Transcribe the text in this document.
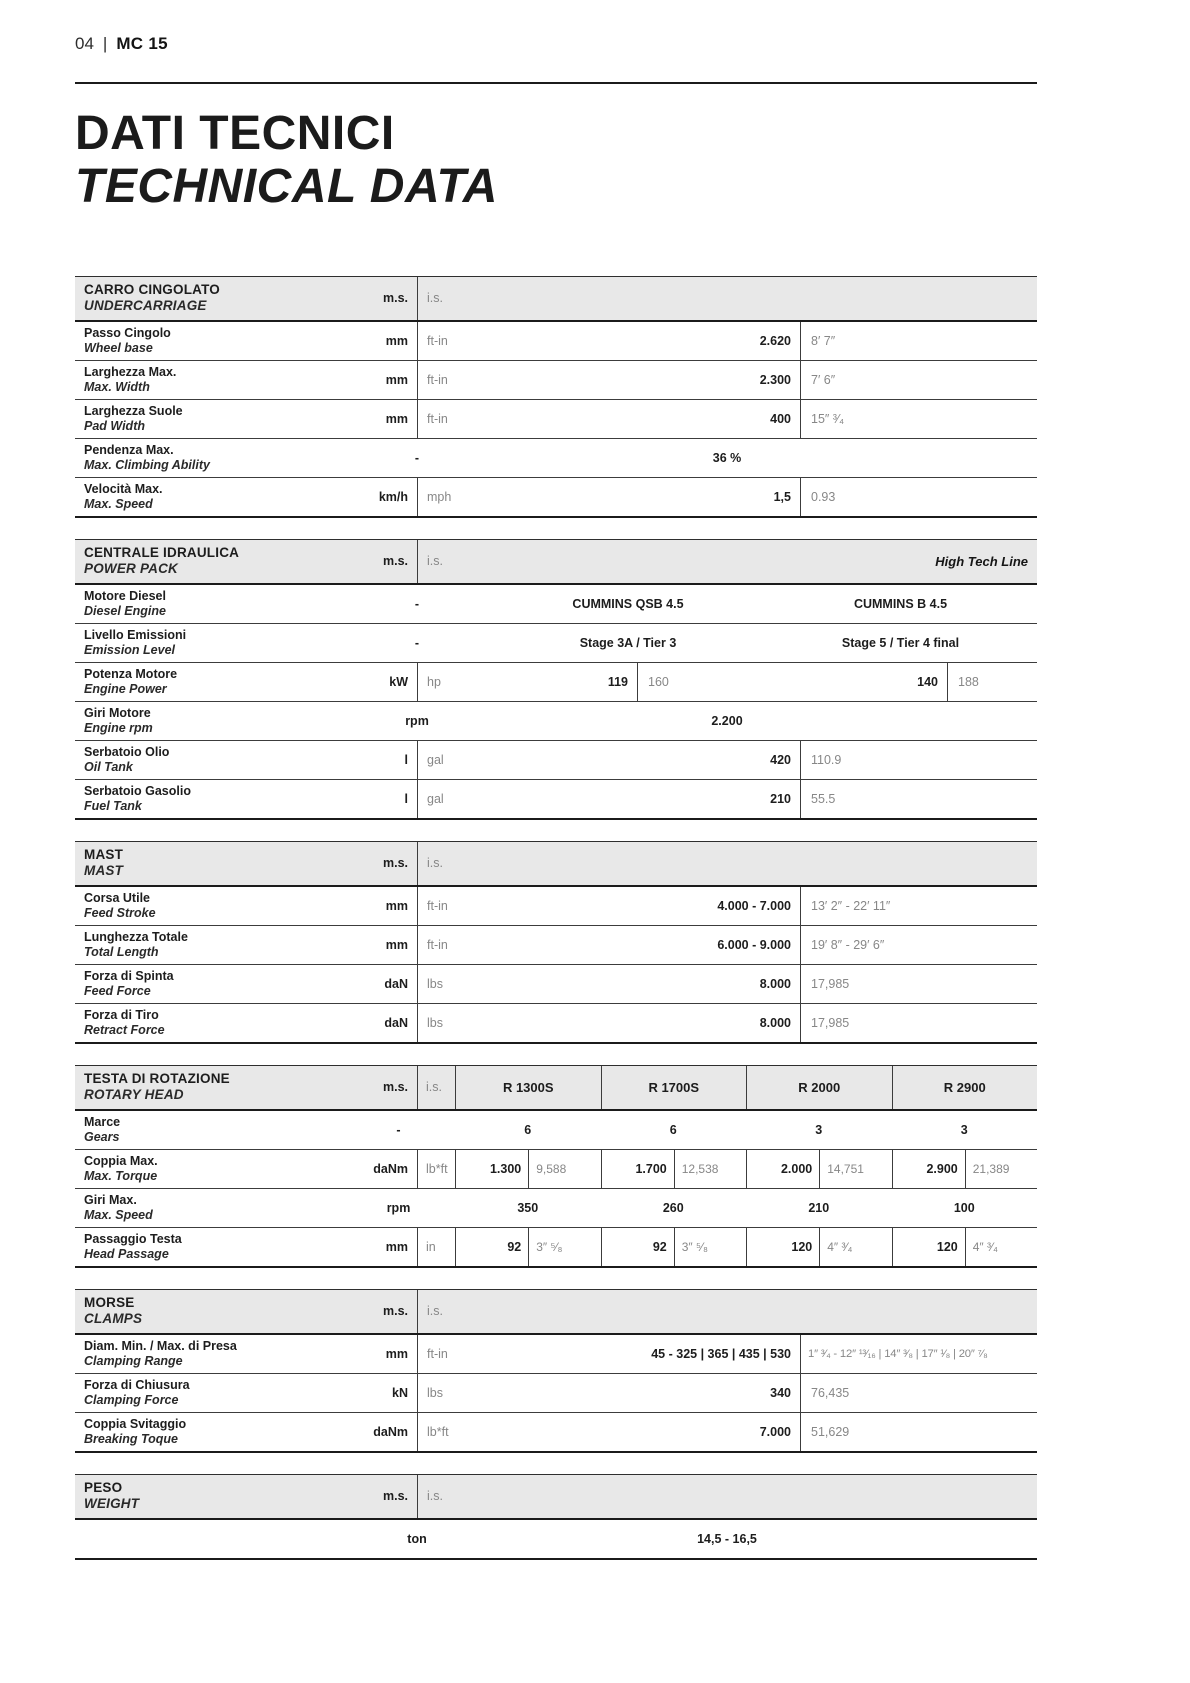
04 | MC 15
DATI TECNICI
TECHNICAL DATA
CARRO CINGOLATO
UNDERCARRIAGE	m.s.	i.s.
Passo Cingolo
Wheel base	mm	ft-in	2.620	8′ 7″
Larghezza Max.
Max. Width	mm	ft-in	2.300	7′ 6″
Larghezza Suole
Pad Width	mm	ft-in	400	15″ ³⁄₄
Pendenza Max.
Max. Climbing Ability	-	36 %
Velocità Max.
Max. Speed	km/h	mph	1,5	0.93
CENTRALE IDRAULICA
POWER PACK	m.s.	i.s.	High Tech Line
Motore Diesel
Diesel Engine	-	CUMMINS QSB 4.5	CUMMINS B 4.5
Livello Emissioni
Emission Level	-	Stage 3A / Tier 3	Stage 5 / Tier 4 final
Potenza Motore
Engine Power	kW	hp	119	160	140	188
Giri Motore
Engine rpm	rpm	2.200
Serbatoio Olio
Oil Tank	l	gal	420	110.9
Serbatoio Gasolio
Fuel Tank	l	gal	210	55.5
MAST
MAST	m.s.	i.s.
Corsa Utile
Feed Stroke	mm	ft-in	4.000 - 7.000	13′ 2″ - 22′ 11″
Lunghezza Totale
Total Length	mm	ft-in	6.000 - 9.000	19′ 8″ - 29′ 6″
Forza di Spinta
Feed Force	daN	lbs	8.000	17,985
Forza di Tiro
Retract Force	daN	lbs	8.000	17,985
TESTA DI ROTAZIONE
ROTARY HEAD	m.s.	i.s.	R 1300S	R 1700S	R 2000	R 2900
Marce
Gears	-	6	6	3	3
Coppia Max.
Max. Torque	daNm	lb*ft	1.300	9,588	1.700	12,538	2.000	14,751	2.900	21,389
Giri Max.
Max. Speed	rpm	350	260	210	100
Passaggio Testa
Head Passage	mm	in	92	3″ ⁵⁄₈	92	3″ ⁵⁄₈	120	4″ ³⁄₄	120	4″ ³⁄₄
MORSE
CLAMPS	m.s.	i.s.
Diam. Min. / Max. di Presa
Clamping Range	mm	ft-in	45 - 325 | 365 | 435 | 530	1″ ³⁄₄ - 12″ ¹³⁄₁₆ | 14″ ³⁄₈ | 17″ ¹⁄₈ | 20″ ⁷⁄₈
Forza di Chiusura
Clamping Force	kN	lbs	340	76,435
Coppia Svitaggio
Breaking Toque	daNm	lb*ft	7.000	51,629
PESO
WEIGHT	m.s.	i.s.
ton	14,5 - 16,5
